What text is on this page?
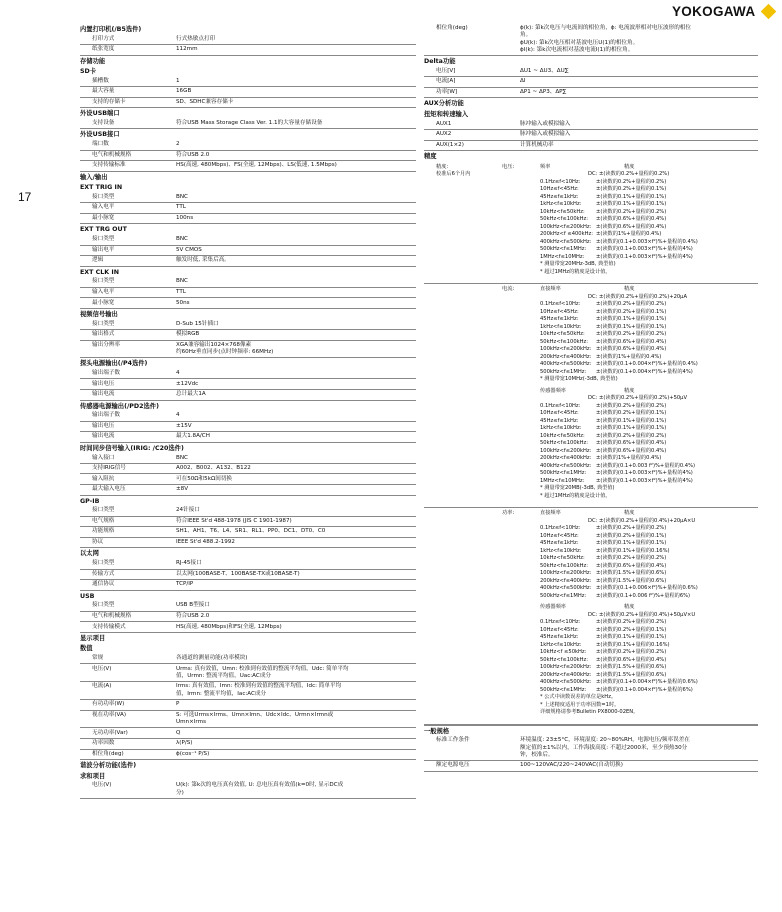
YOKOGAWA
17
内置打印机(/B5选件)
打印方式	行式热敏点打印
纸张宽度	112mm
存储功能
SD卡
插槽数	1
最大容量	16GB
支持的存储卡	SD、SDHC兼容存储卡
外设USB端口
支持设备	符合USB Mass Storage Class Ver. 1.1的大容量存储设备
外设USB接口
端口数	2
电气和机械规格	符合USB 2.0
支持传输标准	HS(高速, 480Mbps)、FS(全速, 12Mbps)、LS(低速, 1.5Mbps)
输入/输出
EXT TRIG IN
接口类型	BNC
输入电平	TTL
最小脉宽	100ns
EXT TRG OUT
接口类型	BNC
输出电平	5V CMOS
逻辑	触发时低, 采集后高。
EXT CLK IN
接口类型	BNC
输入电平	TTL
最小脉宽	50ns
视频信号输出
接口类型	D-Sub 15针插口
输出格式	模拟RGB
输出分辨率	XGA兼容输出1024×768像素
约60Hz垂直同步(点时钟频率: 66MHz)
探头电源输出(/P4选件)
输出端子数	4
输出电压	±12Vdc
输出电流	总计最大1A
传感器电源输出(/PD2选件)
输出端子数	4
输出电压	±15V
输出电流	最大1.8A/CH
时间同步信号输入(IRIG: /C20选件)
输入接口	BNC
支持IRIG信号	A002、B002、A132、B122
输入阻抗	可在50Ω和5kΩ间切换
最大输入电压	±8V
GP-IB
接口类型	24针接口
电气规格	符合IEEE St'd 488-1978 (JIS C 1901-1987)
功能规格	SH1、AH1、T6、L4、SR1、RL1、PP0、DC1、DT0、C0
协议	IEEE St'd 488.2-1992
以太网
接口类型	RJ-45接口
传输方式	以太网(100BASE-T、100BASE-TX或10BASE-T)
通信协议	TCP/IP
USB
接口类型	USB B型接口
电气和机械规格	符合USB 2.0
支持传输模式	HS(高速, 480Mbps)和FS(全速, 12Mbps)
显示项目
数值
常规	各通道的测量功能(功率模块)
电压(V)	Urms: 真有效值，Umn: 校准到有效值的整流平均值，Udc: 简单平均
值，Urmn: 整流平均值，Uac:AC成分
电流(A)	Irms: 真有效值，Imn: 校准到有效值的整流平均值，Idc: 简单平均
值，Irmn: 整流平均值，Iac:AC成分
有功功率(W)	P
视在功率(VA)	S: 可选Urms×Irms、Umn×Imn、Udc×Idc、Urmn×Irmn或
Umn×Irms
无功功率(Var)	Q
功率因数	λ(P/S)
相位角(deg)	ϕ(cos⁻¹ P/S)
谐波分析功能(选件)
求和项目
电压(V)	U(k): 第k次的电压真有效值, U: 总电压真有效值(k=0时, 显示DC成
分)
相位角(deg)	ϕ(k): 第k次电压与电流间的相位角，ϕ: 电流波形相对电压波形的相位
角。
ϕU(k): 第k次电压相对基波电压U(1)的相位角。
ϕI(k): 第k次电流相对基波电流I(1)的相位角。
Delta功能
电压[V]	ΔU1 ~ ΔU3、ΔU∑
电流[A]	ΔI
功率[W]	ΔP1 ~ ΔP3、ΔP∑
AUX分析功能
扭矩和转速输入
AUX1	脉冲输入或模拟输入
AUX2	脉冲输入或模拟输入
AUX(1×2)	计算机械功率
精度
精度：
校准后6个月内
电压:	频率	精度
DC: ±(读数的0.2%+量程的0.2%)
0.1Hz≤f<10Hz:	±(读数的0.2%+量程的0.2%)
10Hz≤f<45Hz:	±(读数的0.2%+量程的0.1%)
45Hz≤f≤1kHz:	±(读数的0.1%+量程的0.1%)
1kHz<f≤10kHz:	±(读数的0.1%+量程的0.1%)
10kHz<f≤50kHz:	±(读数的0.2%+量程的0.2%)
50kHz<f≤100kHz:	±(读数的0.6%+量程的0.4%)
100kHz<f≤200kHz: ±(读数的0.6%+量程的0.4%)
200kHz<f ≤400kHz: ±(读数的1%+量程的0.4%)
400kHz<f≤500kHz: ±(读数的(0.1+0.003×f²)%+量程的0.4%)
500kHz<f≤1MHz:	±(读数的(0.1+0.003×f²)%+量程的4%)
1MHz<f≤10MHz:	±(读数的(0.1+0.003×f²)%+量程的4%)
* 测量带宽20MHz-3dB, 典型值)
* 超过1MHz的精度是设计值。
电流:	直接频率	精度
DC: ±(读数的0.2%+量程的0.2%)+20μA
0.1Hz≤f<10Hz:	±(读数的0.2%+量程的0.2%)
10Hz≤f<45Hz:	±(读数的0.2%+量程的0.1%)
45Hz≤f≤1kHz:	±(读数的0.1%+量程的0.1%)
1kHz<f≤10kHz:	±(读数的0.1%+量程的0.1%)
10kHz<f≤50kHz:	±(读数的0.2%+量程的0.2%)
50kHz<f≤100kHz:	±(读数的0.6%+量程的0.4%)
100kHz<f≤200kHz: ±(读数的0.6%+量程的0.4%)
200kHz<f≤400kHz: ±(读数的1%+量程的0.4%)
400kHz<f≤500kHz: ±(读数的(0.1+0.004×f²)%+量程的0.4%)
500kHz<f≤1MHz:	±(读数的(0.1+0.004×f²)%+量程的4%)
* 测量带宽10MHz(-3dB, 典型值)
传感器频率	精度
DC: ±(读数的0.2%+量程的0.2%)+50μV
0.1Hz≤f<10Hz:	±(读数的0.2%+量程的0.2%)
10Hz≤f<45Hz:	±(读数的0.2%+量程的0.1%)
45Hz≤f≤1kHz:	±(读数的0.1%+量程的0.1%)
1kHz<f≤10kHz:	±(读数的0.1%+量程的0.1%)
10kHz<f≤50kHz:	±(读数的0.2%+量程的0.2%)
50kHz<f≤100kHz:	±(读数的0.6%+量程的0.4%)
100kHz<f≤200kHz: ±(读数的0.6%+量程的0.4%)
200kHz<f≤400kHz: ±(读数的1%+量程的0.4%)
400kHz<f≤500kHz: ±(读数的(0.1+0.003 f²)%+量程的0.4%)
500kHz<f≤1MHz:	±(读数的(0.1+0.003×f²)%+量程的4%)
1MHz<f≤10MHz:	±(读数的(0.1+0.003×f²)%+量程的4%)
* 测量带宽20MB(-3dB, 典型值)
* 超过1MHz的精度是设计值。
功率:	直接频率	精度
DC: ±(读数的0.2%+量程的0.4%)+20μA×U
0.1Hz≤f<10Hz:	±(读数的0.2%+量程的0.2%)
10Hz≤f<45Hz:	±(读数的0.2%+量程的0.1%)
45Hz≤f≤1kHz:	±(读数的0.1%+量程的0.1%)
1kHz<f≤10kHz:	±(读数的0.1%+量程的0.16%)
10kHz<f≤50kHz:	±(读数的0.2%+量程的0.2%)
50kHz<f≤100kHz:	±(读数的0.6%+量程的0.4%)
100kHz<f≤200kHz: ±(读数的1.5%+量程的0.6%)
200kHz<f≤400kHz: ±(读数的1.5%+量程的0.6%)
400kHz<f≤500kHz: ±(读数的(0.1+0.006×f²)%+量程的0.6%)
500kHz<f≤1MHz:	±(读数的(0.1+0.006 f²)%+量程的6%)
传感器频率	精度
DC: ±(读数的0.2%+量程的0.4%)+50μV×U
0.1Hz≤f<10Hz:	±(读数的0.2%+量程的0.2%)
10Hz≤f<45Hz:	±(读数的0.2%+量程的0.1%)
45Hz≤f≤1kHz:	±(读数的0.1%+量程的0.1%)
1kHz<f≤10kHz:	±(读数的0.1%+量程的0.16%)
10kHz<f ≤50kHz:	±(读数的0.2%+量程的0.2%)
50kHz<f≤100kHz:	±(读数的0.6%+量程的0.4%)
100kHz<f≤200kHz: ±(读数的1.5%+量程的0.6%)
200kHz<f≤400kHz: ±(读数的1.5%+量程的0.6%)
400kHz<f≤500kHz: ±(读数的(0.1+0.004×f²)%+量程的0.6%)
500kHz<f≤1MHz:	±(读数的(0.1+0.004×f²)%+量程的6%)
* 公式中读数误差的单位是kHz。
* 上述精度适用于功率因数=1时。
详细规格请参考Bulletin PX8000-02EN。
一般规格
标准工作条件	环境温度: 23±5°C，环境湿度: 20~80%RH，电源电压/频率误差在
额定值的±1%以内，工作海拔高度: 不超过2000米，至少预热30分
钟，校准后。
额定电源电压	100~120VAC/220~240VAC(自动切换)
